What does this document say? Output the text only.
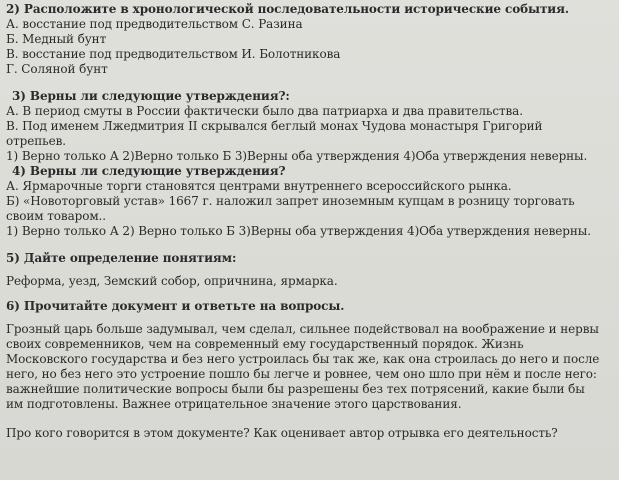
2) Расположите в хронологической последовательности исторические события.
А. восстание под предводительством С. Разина
Б. Медный бунт
В. восстание под предводительством И. Болотникова
Г. Соляной бунт
3) Верны ли следующие утверждения?:
А. В период смуты в России фактически было два патриарха и два правительства.
В. Под именем Лжедмитрия II скрывался беглый монах Чудова монастыря Григорий
отрепьев.
1) Верно только А 2)Верно только Б 3)Верны оба утверждения 4)Оба утверждения неверны.
4) Верны ли следующие утверждения?
А. Ярмарочные торги становятся центрами внутреннего всероссийского рынка.
Б) «Новоторговый устав» 1667 г. наложил запрет иноземным купцам в розницу торговать
своим товаром..
1) Верно только А 2) Верно только Б 3)Верны оба утверждения 4)Оба утверждения неверны.
5) Дайте определение понятиям:
Реформа, уезд, Земский собор, опричнина, ярмарка.
6) Прочитайте документ и ответьте на вопросы.
Грозный царь больше задумывал, чем сделал, сильнее подействовал на воображение и нервы
своих современников, чем на современный ему государственный порядок. Жизнь
Московского государства и без него устроилась бы так же, как она строилась до него и после
него, но без него это устроение пошло бы легче и ровнее, чем оно шло при нём и после него:
важнейшие политические вопросы были бы разрешены без тех потрясений, какие были бы
им подготовлены. Важнее отрицательное значение этого царствования.
Про кого говорится в этом документе? Как оценивает автор отрывка его деятельность?
